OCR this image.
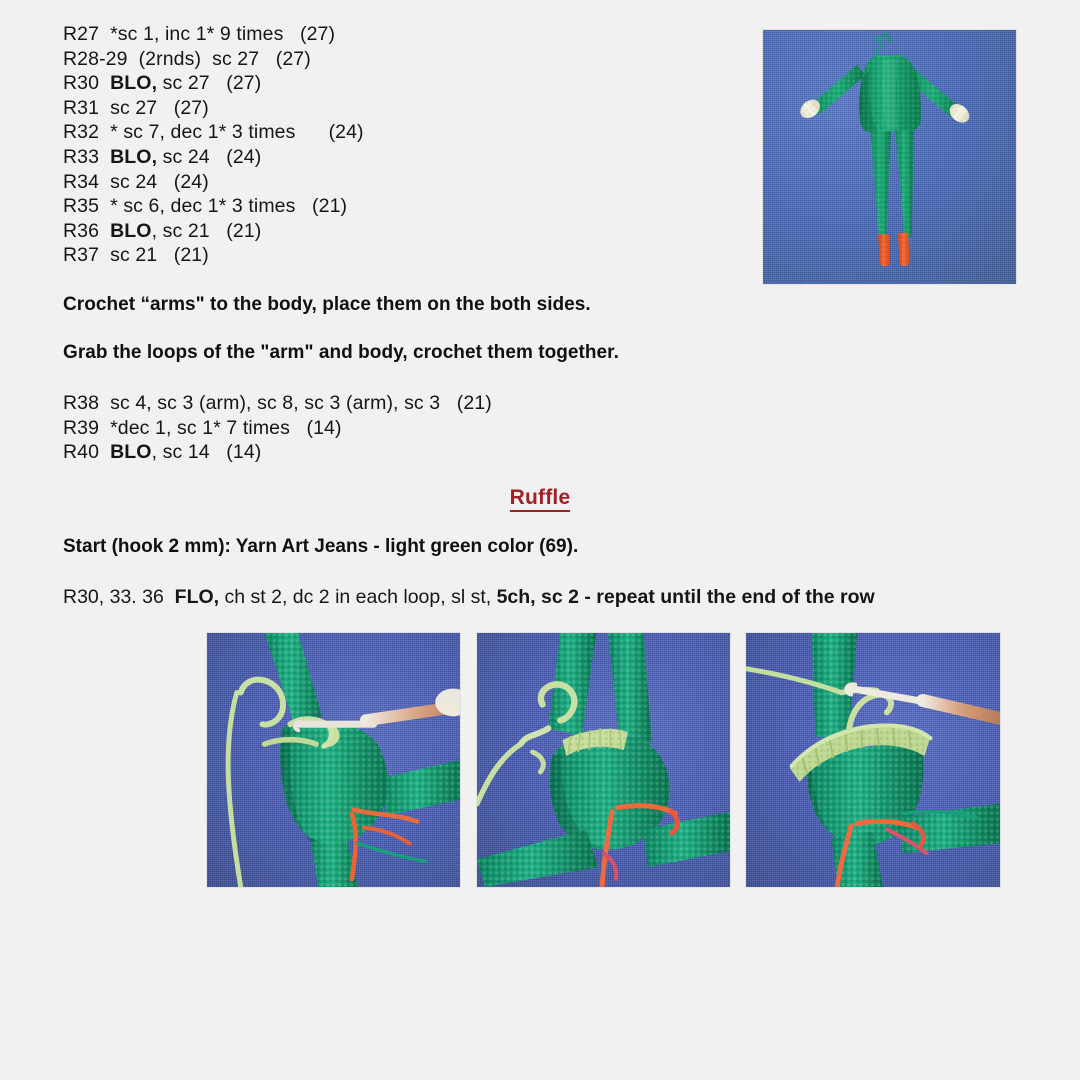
R27  *sc 1, inc 1* 9 times   (27)
R28-29  (2rnds)  sc 27   (27)
R30  BLO, sc 27   (27)
R31  sc 27   (27)
R32  * sc 7, dec 1* 3 times      (24)
R33  BLO, sc 24   (24)
R34  sc 24   (24)
R35  * sc 6, dec 1* 3 times   (21)
R36  BLO, sc 21   (21)
R37  sc 21   (21)
Crochet “arms" to the body, place them on the both sides.
Grab the loops of the "arm" and body, crochet them together.
R38  sc 4, sc 3 (arm), sc 8, sc 3 (arm), sc 3   (21)
R39  *dec 1, sc 1* 7 times   (14)
R40  BLO, sc 14   (14)
Ruffle
Start (hook 2 mm): Yarn Art Jeans - light green color (69).
R30, 33. 36  FLO, ch st 2, dc 2 in each loop, sl st, 5ch, sc 2 - repeat until the end of the row
